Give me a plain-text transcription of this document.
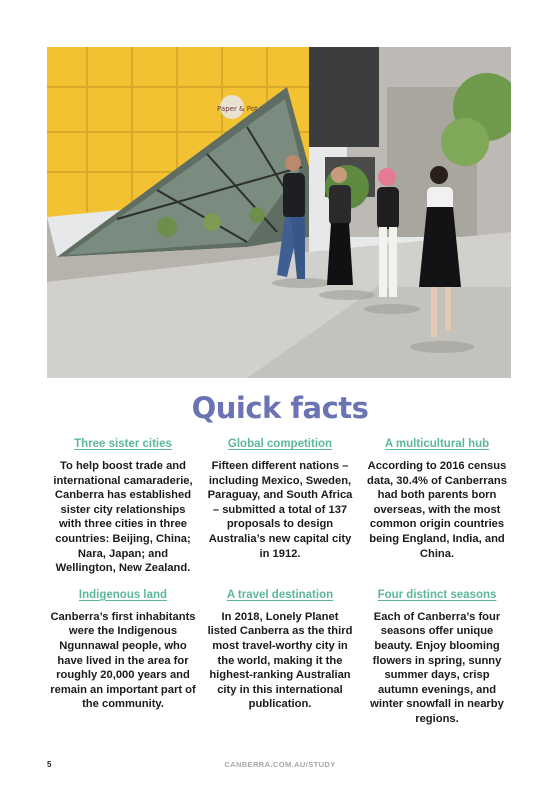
Paper & Pot
Quick facts
Three sister cities
To help boost trade and international camaraderie, Canberra has established sister city relationships with three cities in three countries: Beijing, China; Nara, Japan; and Wellington, New Zealand.
Global competition
Fifteen different nations – including Mexico, Sweden, Paraguay, and South Africa – submitted a total of 137 proposals to design Australia’s new capital city in 1912.
A multicultural hub
According to 2016 census data, 30.4% of Canberrans had both parents born overseas, with the most common origin countries being England, India, and China.
Indigenous land
Canberra’s first inhabitants were the Indigenous Ngunnawal people, who have lived in the area for roughly 20,000 years and remain an important part of the community.
A travel destination
In 2018, Lonely Planet listed Canberra as the third most travel-worthy city in the world, making it the highest-ranking Australian city in this international publication.
Four distinct seasons
Each of Canberra’s four seasons offer unique beauty. Enjoy blooming flowers in spring, sunny summer days, crisp autumn evenings, and winter snowfall in nearby regions.
5	CANBERRA.COM.AU/STUDY
